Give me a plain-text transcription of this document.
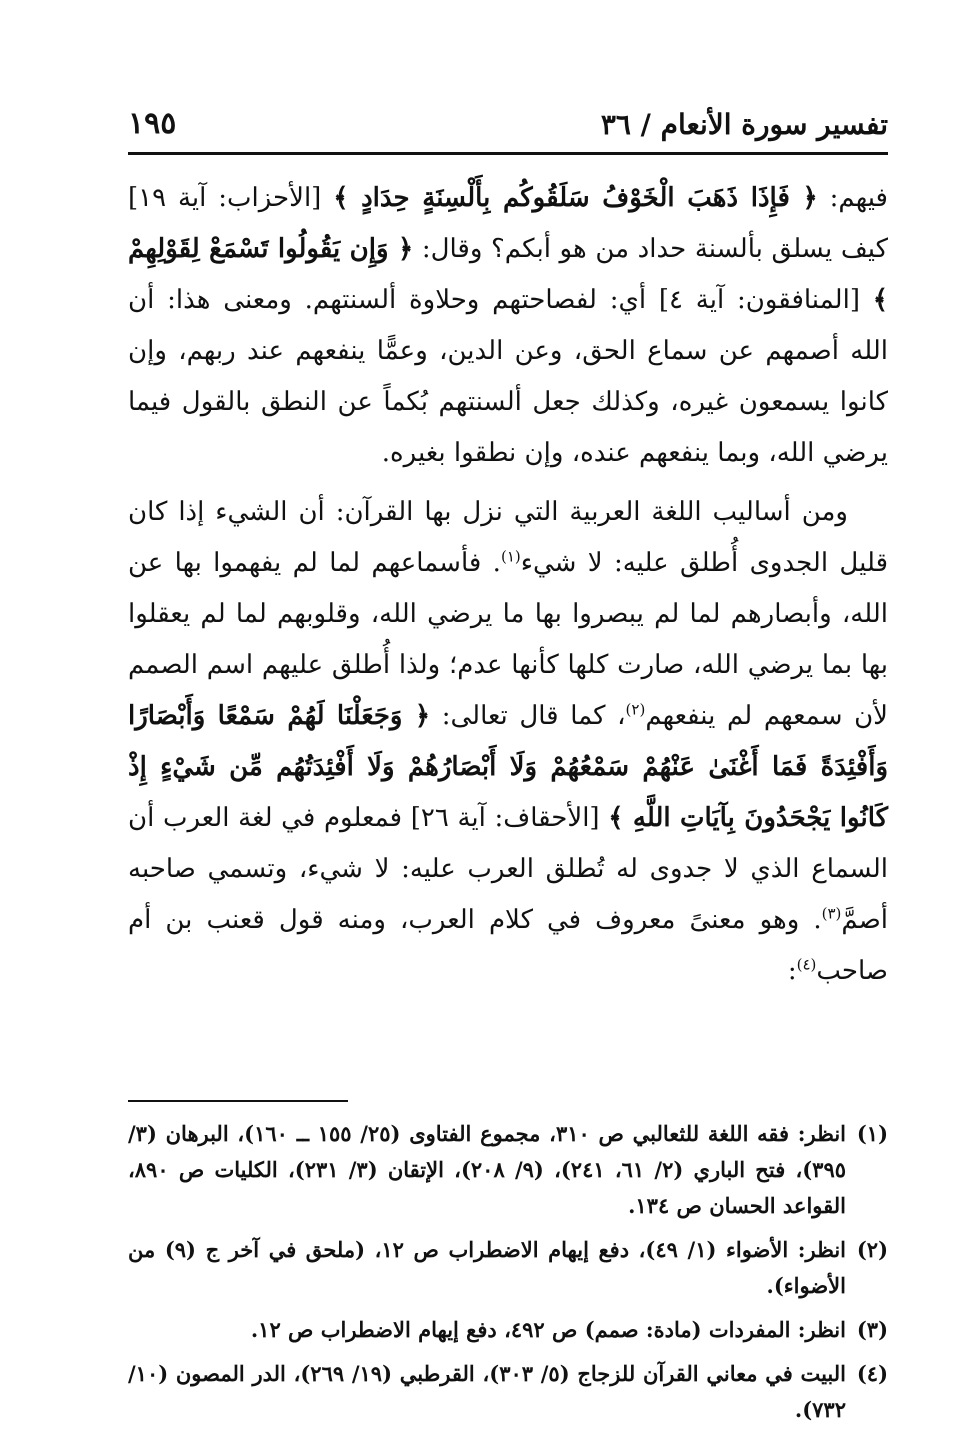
تفسير سورة الأنعام / ٣٦
١٩٥

فيهم: ﴿ فَإِذَا ذَهَبَ الْخَوْفُ سَلَقُوكُم بِأَلْسِنَةٍ حِدَادٍ ﴾ [الأحزاب: آية ١٩] كيف يسلق بألسنة حداد من هو أبكم؟ وقال: ﴿ وَإِن يَقُولُوا تَسْمَعْ لِقَوْلِهِمْ ﴾ [المنافقون: آية ٤] أي: لفصاحتهم وحلاوة ألسنتهم. ومعنى هذا: أن الله أصمهم عن سماع الحق، وعن الدين، وعمًّا ينفعهم عند ربهم، وإن كانوا يسمعون غيره، وكذلك جعل ألسنتهم بُكماً عن النطق بالقول فيما يرضي الله، وبما ينفعهم عنده، وإن نطقوا بغيره.

ومن أساليب اللغة العربية التي نزل بها القرآن: أن الشيء إذا كان قليل الجدوى أُطلق عليه: لا شيء$^{(١)}$. فأسماعهم لما لم يفهموا بها عن الله، وأبصارهم لما لم يبصروا بها ما يرضي الله، وقلوبهم لما لم يعقلوا بها بما يرضي الله، صارت كلها كأنها عدم؛ ولذا أُطلق عليهم اسم الصمم لأن سمعهم لم ينفعهم$^{(٢)}$، كما قال تعالى: ﴿ وَجَعَلْنَا لَهُمْ سَمْعًا وَأَبْصَارًا وَأَفْئِدَةً فَمَا أَغْنَىٰ عَنْهُمْ سَمْعُهُمْ وَلَا أَبْصَارُهُمْ وَلَا أَفْئِدَتُهُم مِّن شَيْءٍ إِذْ كَانُوا يَجْحَدُونَ بِآيَاتِ اللَّهِ ﴾ [الأحقاف: آية ٢٦] فمعلوم في لغة العرب أن السماع الذي لا جدوى له تُطلق العرب عليه: لا شيء، وتسمي صاحبه أصمَّ$^{(٣)}$. وهو معنىً معروف في كلام العرب، ومنه قول قعنب بن أم صاحب$^{(٤)}$:

(١)
انظر: فقه اللغة للثعالبي ص ٣١٠، مجموع الفتاوى (٢٥/ ١٥٥ ــ ١٦٠)، البرهان (٣/ ٣٩٥)، فتح الباري (٢/ ٦١، ٢٤١)، (٩/ ٢٠٨)، الإتقان (٣/ ٢٣١)، الكليات ص ٨٩٠، القواعد الحسان ص ١٣٤.
(٢)
انظر: الأضواء (١/ ٤٩)، دفع إيهام الاضطراب ص ١٢، (ملحق في آخر ج (٩) من الأضواء).
(٣)
انظر: المفردات (مادة: صمم) ص ٤٩٢، دفع إيهام الاضطراب ص ١٢.
(٤)
البيت في معاني القرآن للزجاج (٥/ ٣٠٣)، القرطبي (١٩/ ٢٦٩)، الدر المصون (١٠/ ٧٣٢).
